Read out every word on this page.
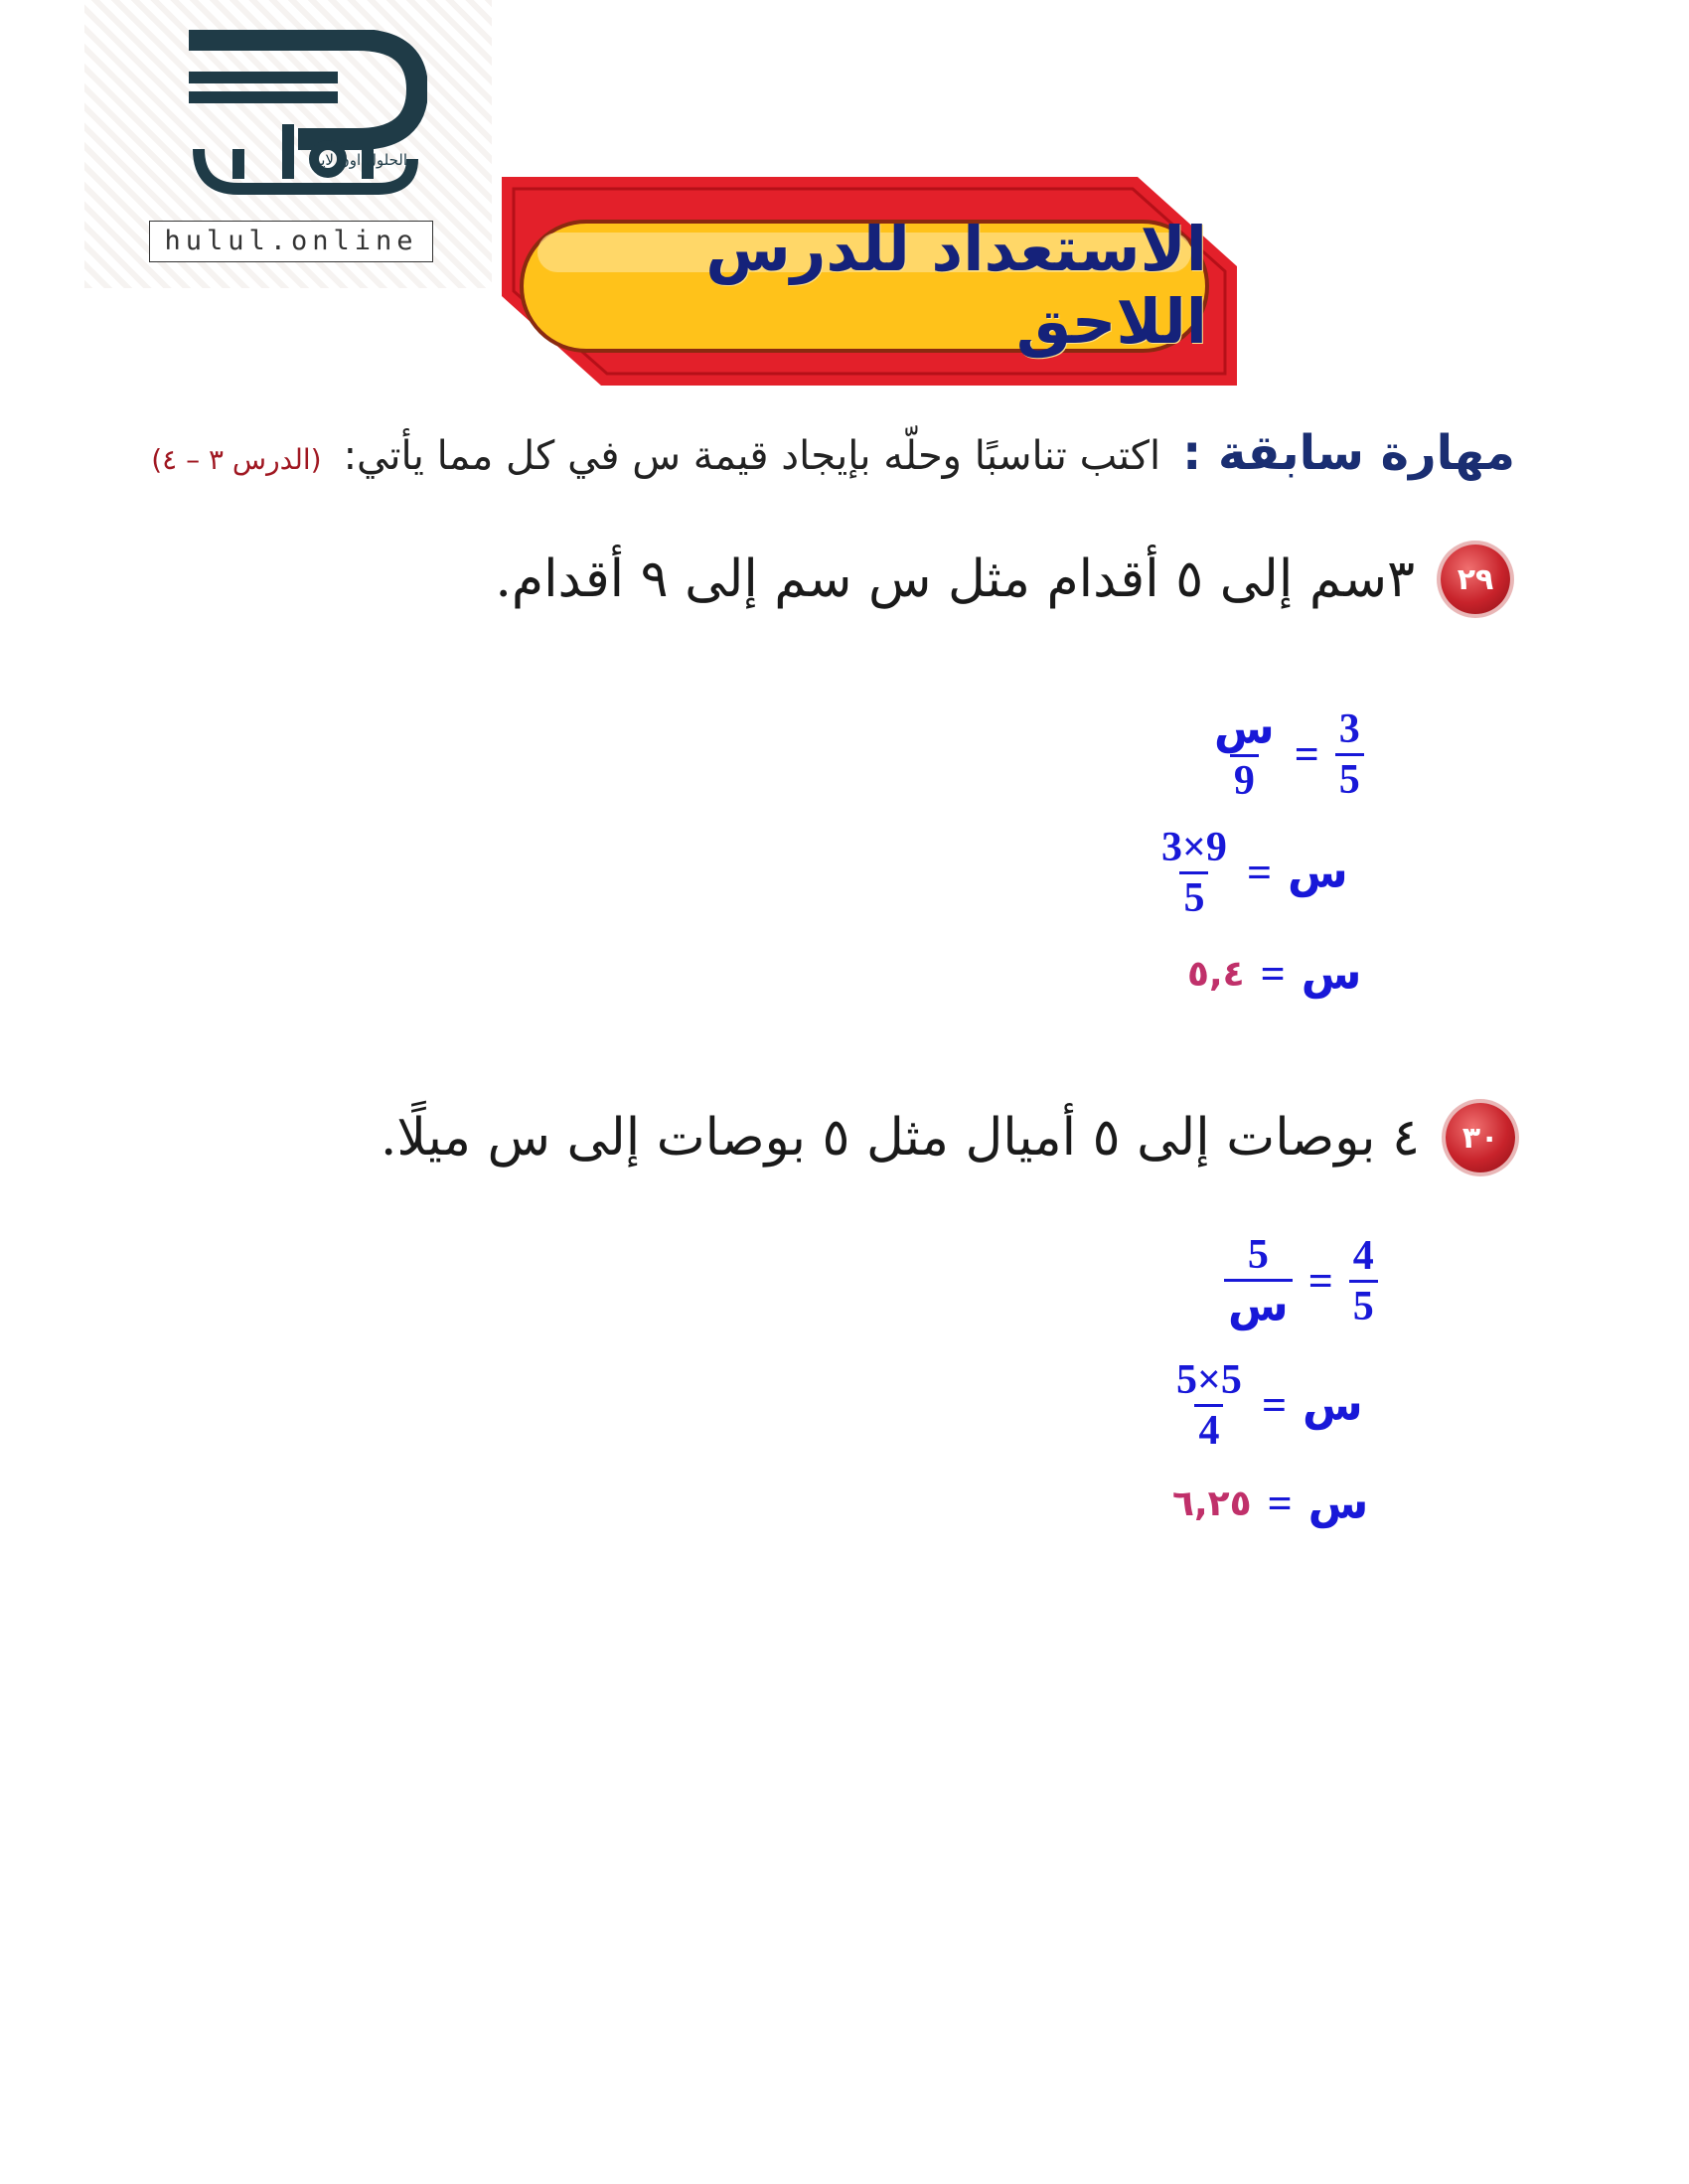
الحلول اون لاين
hulul.online	الاستعداد للدرس اللاحق
مهارة سابقة :
اكتب تناسبًا وحلّه بإيجاد قيمة س في كل مما يأتي:
(الدرس ٣ – ٤)
٢٩
٣سم إلى ٥ أقدام مثل س سم إلى ٩ أقدام.
$\frac{\text{س}}{9} = \frac{3}{5}$
$\frac{3\times 9}{5}$ = س
٥,٤ = س
٣٠
٤ بوصات إلى ٥ أميال مثل ٥ بوصات إلى س ميلًا.
$\frac{5}{\text{س}} = \frac{4}{5}$
$\frac{5\times 5}{4}$ = س
٦,٢٥ = س
